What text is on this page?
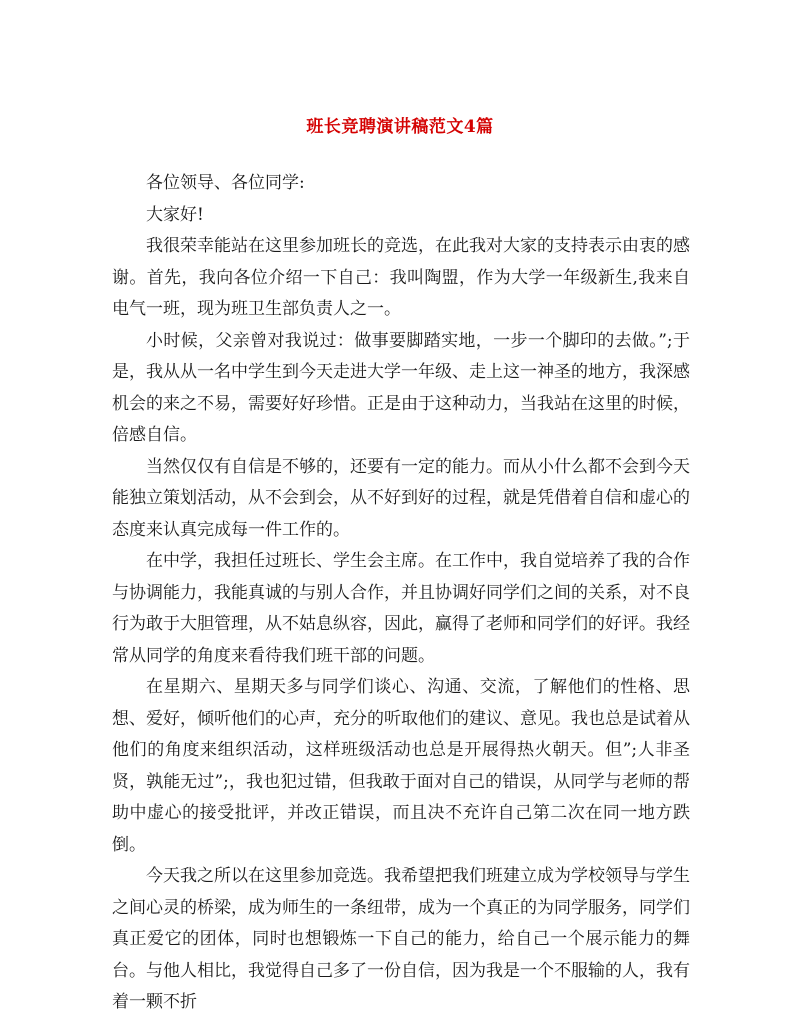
班长竞聘演讲稿范文4篇

各位领导、各位同学:

大家好!

我很荣幸能站在这里参加班长的竞选，在此我对大家的支持表示由衷的感谢。首先，我向各位介绍一下自己：我叫陶盟，作为大学一年级新生,我来自电气一班，现为班卫生部负责人之一。

小时候，父亲曾对我说过：做事要脚踏实地，一步一个脚印的去做。”;于是，我从从一名中学生到今天走进大学一年级、走上这一神圣的地方，我深感机会的来之不易，需要好好珍惜。正是由于这种动力，当我站在这里的时候，倍感自信。

当然仅仅有自信是不够的，还要有一定的能力。而从小什么都不会到今天能独立策划活动，从不会到会，从不好到好的过程，就是凭借着自信和虚心的态度来认真完成每一件工作的。

在中学，我担任过班长、学生会主席。在工作中，我自觉培养了我的合作与协调能力，我能真诚的与别人合作，并且协调好同学们之间的关系，对不良行为敢于大胆管理，从不姑息纵容，因此，赢得了老师和同学们的好评。我经常从同学的角度来看待我们班干部的问题。

在星期六、星期天多与同学们谈心、沟通、交流，了解他们的性格、思想、爱好，倾听他们的心声，充分的听取他们的建议、意见。我也总是试着从他们的角度来组织活动，这样班级活动也总是开展得热火朝天。但”;人非圣贤，孰能无过”;，我也犯过错，但我敢于面对自己的错误，从同学与老师的帮助中虚心的接受批评，并改正错误，而且决不充许自己第二次在同一地方跌倒。

今天我之所以在这里参加竞选。我希望把我们班建立成为学校领导与学生之间心灵的桥梁，成为师生的一条纽带，成为一个真正的为同学服务，同学们真正爱它的团体，同时也想锻炼一下自己的能力，给自己一个展示能力的舞台。与他人相比，我觉得自己多了一份自信，因为我是一个不服输的人，我有着一颗不折
